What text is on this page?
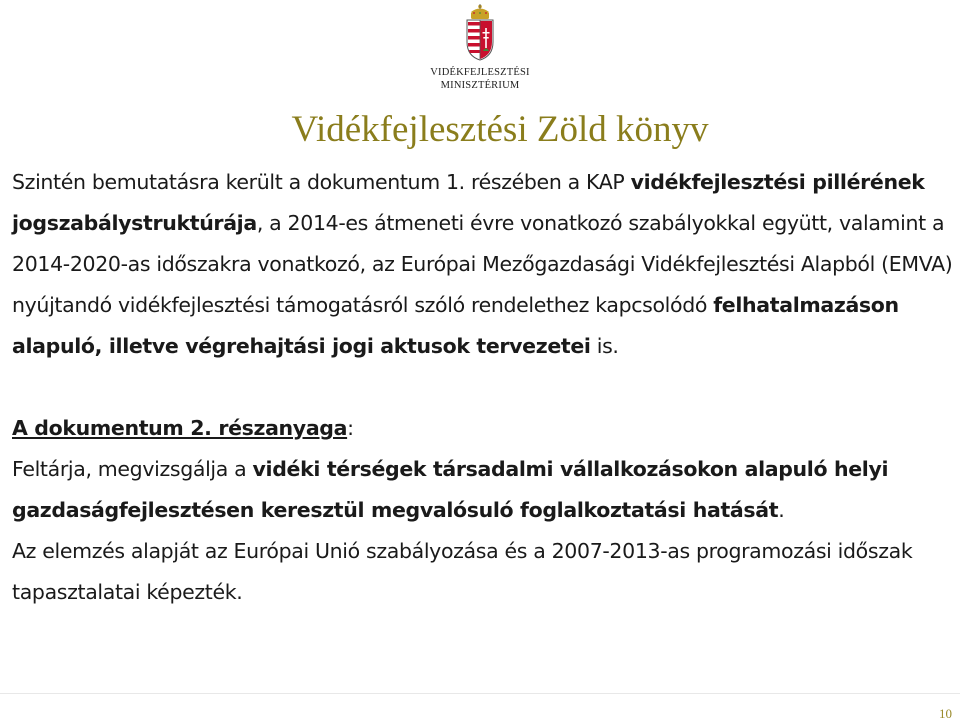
VIDÉKFEJLESZTÉSI
MINISZTÉRIUM
Vidékfejlesztési Zöld könyv

Szintén bemutatásra került a dokumentum 1. részében a KAP vidékfejlesztési pillérének jogszabálystruktúrája, a 2014-es átmeneti évre vonatkozó szabályokkal együtt, valamint a 2014-2020-as időszakra vonatkozó, az Európai Mezőgazdasági Vidékfejlesztési Alapból (EMVA) nyújtandó vidékfejlesztési támogatásról szóló rendelethez kapcsolódó felhatalmazáson alapuló, illetve végrehajtási jogi aktusok tervezetei is.

A dokumentum 2. részanyaga:

Feltárja, megvizsgálja a vidéki térségek társadalmi vállalkozásokon alapuló helyi gazdaságfejlesztésen keresztül megvalósuló foglalkoztatási hatását.

Az elemzés alapját az Európai Unió szabályozása és a 2007-2013-as programozási időszak tapasztalatai képezték.

10
